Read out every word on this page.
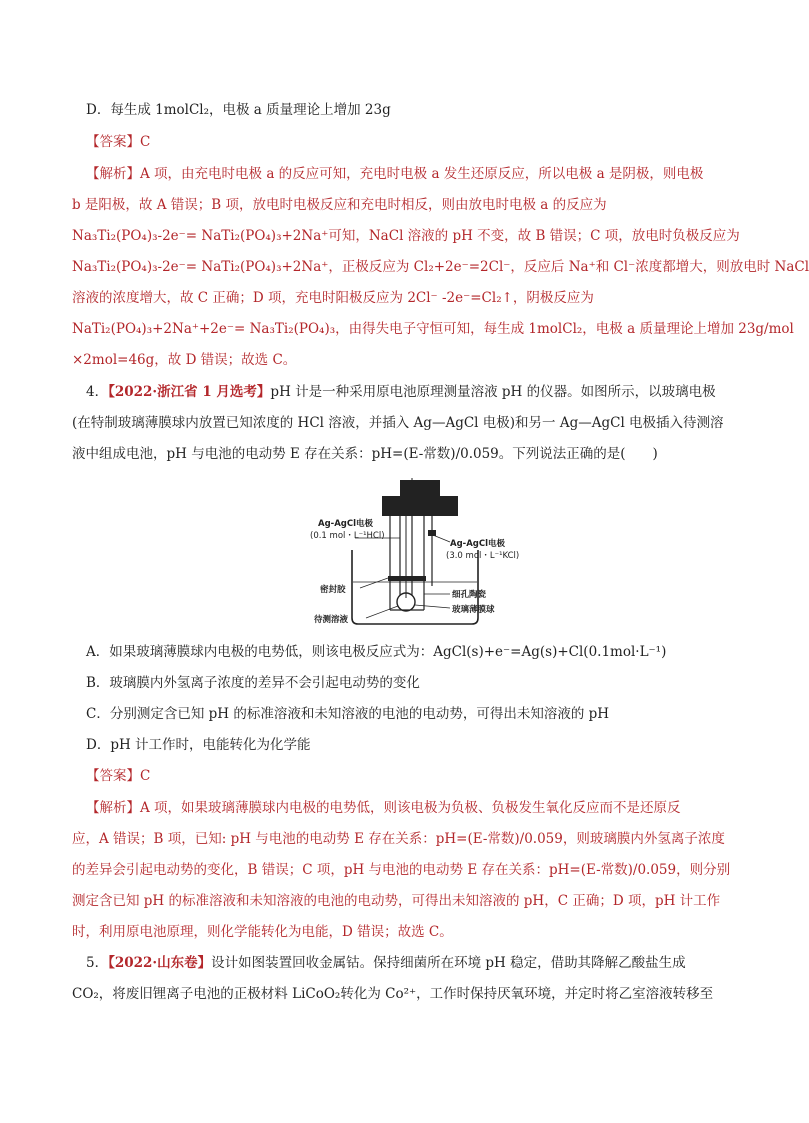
D．每生成 1molCl₂，电极 a 质量理论上增加 23g
【答案】C
【解析】A 项，由充电时电极 a 的反应可知，充电时电极 a 发生还原反应，所以电极 a 是阴极，则电极
b 是阳极，故 A 错误；B 项，放电时电极反应和充电时相反，则由放电时电极 a 的反应为
Na₃Ti₂(PO₄)₃-2e⁻= NaTi₂(PO₄)₃+2Na⁺可知，NaCl 溶液的 pH 不变，故 B 错误；C 项，放电时负极反应为
Na₃Ti₂(PO₄)₃-2e⁻= NaTi₂(PO₄)₃+2Na⁺，正极反应为 Cl₂+2e⁻=2Cl⁻，反应后 Na⁺和 Cl⁻浓度都增大，则放电时 NaCl
溶液的浓度增大，故 C 正确；D 项，充电时阳极反应为 2Cl⁻ -2e⁻=Cl₂↑，阴极反应为
NaTi₂(PO₄)₃+2Na⁺+2e⁻= Na₃Ti₂(PO₄)₃，由得失电子守恒可知，每生成 1molCl₂，电极 a 质量理论上增加 23g/mol
×2mol=46g，故 D 错误；故选 C。
4．【2022·浙江省 1 月选考】pH 计是一种采用原电池原理测量溶液 pH 的仪器。如图所示，以玻璃电极
(在特制玻璃薄膜球内放置已知浓度的 HCl 溶液，并插入 Ag—AgCl 电极)和另一 Ag—AgCl 电极插入待测溶
液中组成电池，pH 与电池的电动势 E 存在关系：pH=(E-常数)/0.059。下列说法正确的是(　　)
Ag-AgCl电极
(0.1 mol・L⁻¹HCl)
Ag-AgCl电极
(3.0 mol・L⁻¹KCl)
密封胶
待测溶液
细孔陶瓷
玻璃薄膜球
A．如果玻璃薄膜球内电极的电势低，则该电极反应式为：AgCl(s)+e⁻=Ag(s)+Cl(0.1mol·L⁻¹)
B．玻璃膜内外氢离子浓度的差异不会引起电动势的变化
C．分别测定含已知 pH 的标准溶液和未知溶液的电池的电动势，可得出未知溶液的 pH
D．pH 计工作时，电能转化为化学能
【答案】C
【解析】A 项，如果玻璃薄膜球内电极的电势低，则该电极为负极、负极发生氧化反应而不是还原反
应，A 错误；B 项，已知: pH 与电池的电动势 E 存在关系：pH=(E-常数)/0.059，则玻璃膜内外氢离子浓度
的差异会引起电动势的变化，B 错误；C 项，pH 与电池的电动势 E 存在关系：pH=(E-常数)/0.059，则分别
测定含已知 pH 的标准溶液和未知溶液的电池的电动势，可得出未知溶液的 pH，C 正确；D 项，pH 计工作
时，利用原电池原理，则化学能转化为电能，D 错误；故选 C。
5．【2022·山东卷】设计如图装置回收金属钴。保持细菌所在环境 pH 稳定，借助其降解乙酸盐生成
CO₂，将废旧锂离子电池的正极材料 LiCoO₂转化为 Co²⁺，工作时保持厌氧环境，并定时将乙室溶液转移至
